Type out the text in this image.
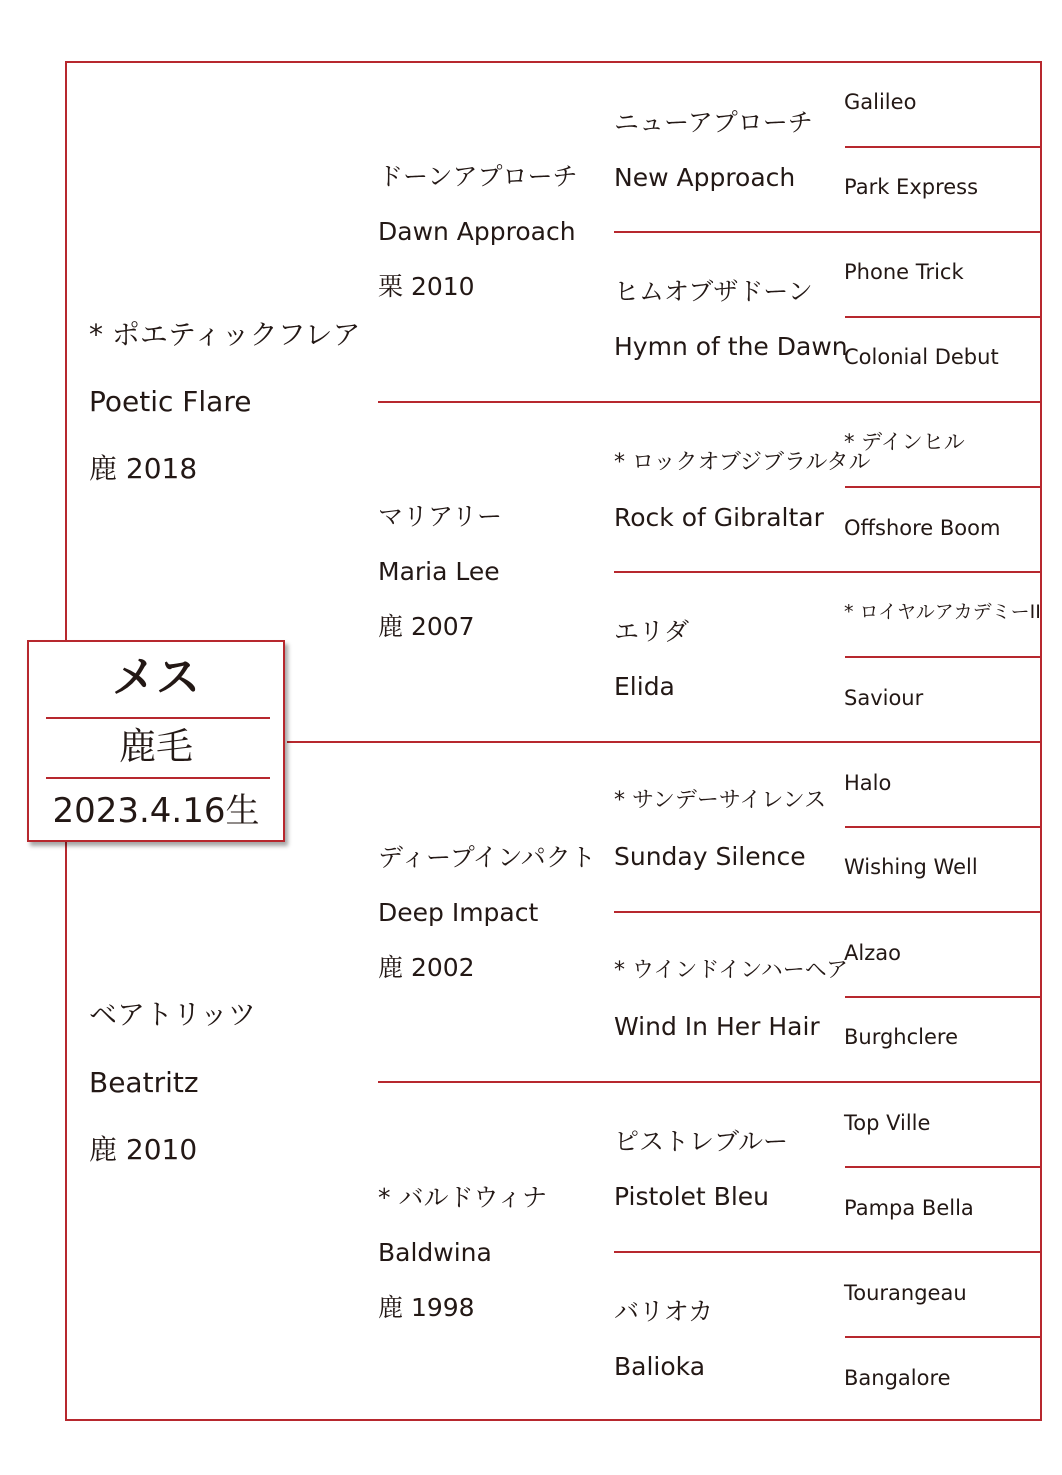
* ポエティックフレア
Poetic Flare
鹿 2018
ベアトリッツ
Beatritz
鹿 2010
ドーンアプローチ
Dawn Approach
栗 2010
マリアリー
Maria Lee
鹿 2007
ディープインパクト
Deep Impact
鹿 2002
* バルドウィナ
Baldwina
鹿 1998
ニューアプローチ
New Approach
ヒムオブザドーン
Hymn of the Dawn
* ロックオブジブラルタル
Rock of Gibraltar
エリダ
Elida
* サンデーサイレンス
Sunday Silence
* ウインドインハーヘア
Wind In Her Hair
ピストレブルー
Pistolet Bleu
バリオカ
Balioka
Galileo
Park Express
Phone Trick
Colonial Debut
* デインヒル
Offshore Boom
* ロイヤルアカデミーII
Saviour
Halo
Wishing Well
Alzao
Burghclere
Top Ville
Pampa Bella
Tourangeau
Bangalore
メス
鹿毛
2023.4.16生
